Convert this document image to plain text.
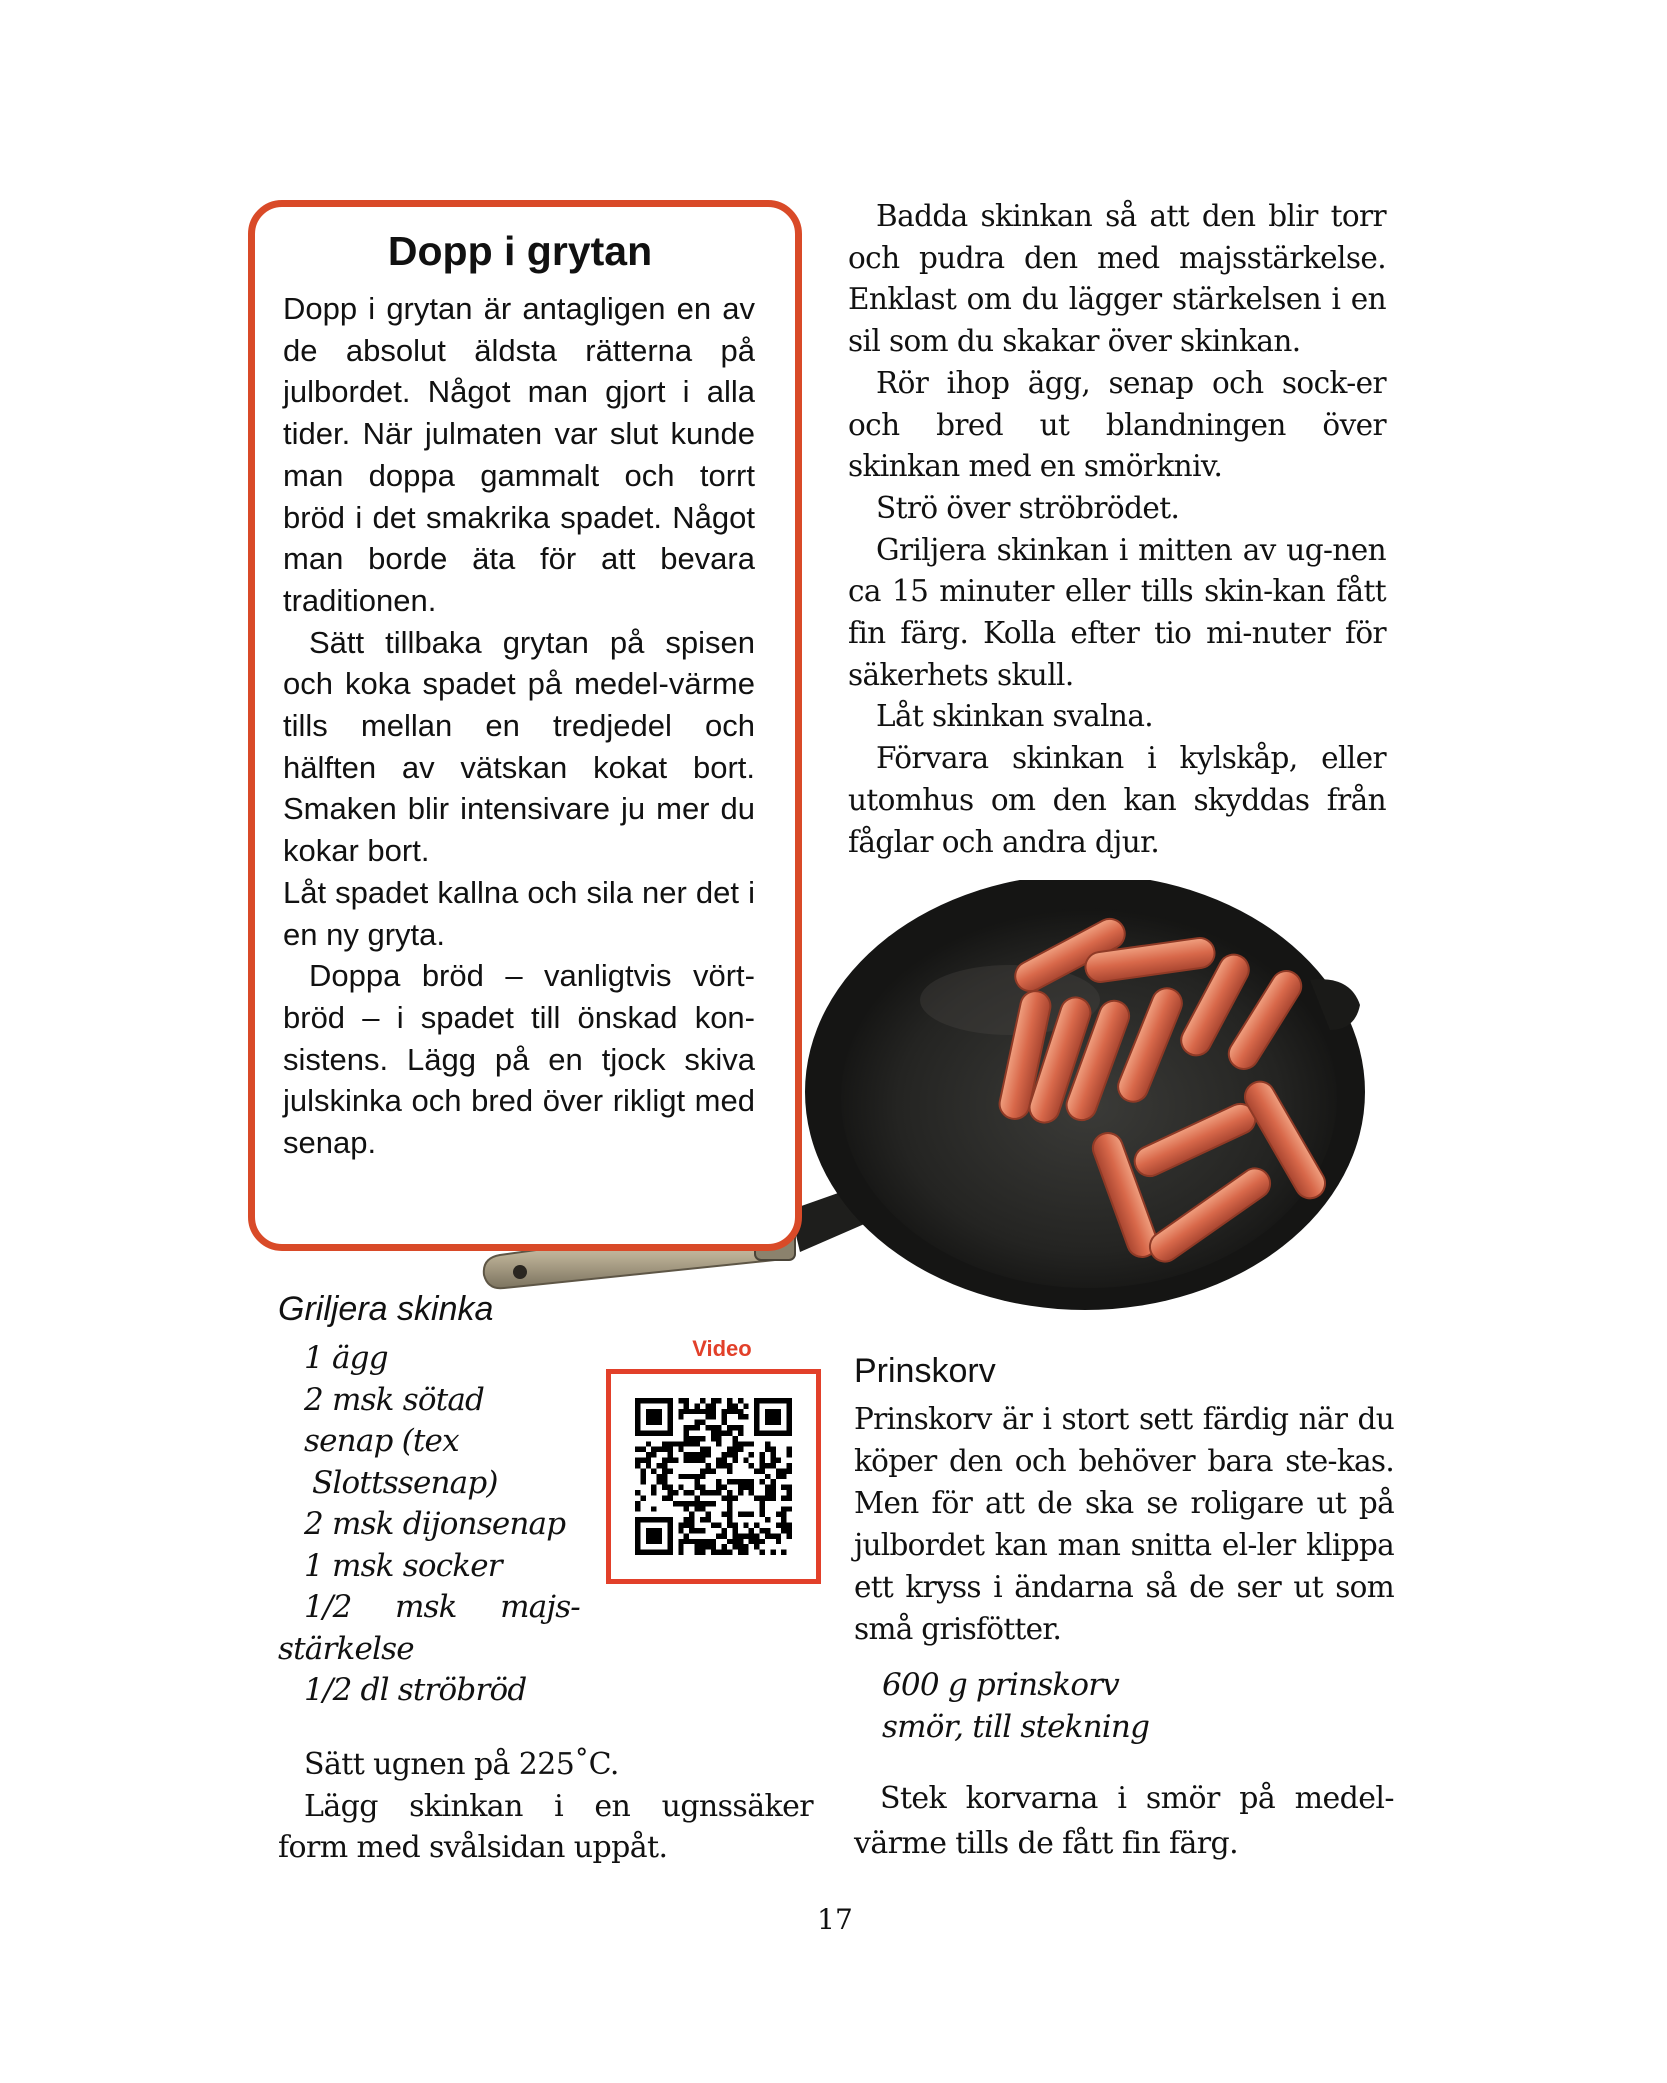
Dopp i grytan

Dopp i grytan är antagligen en av de absolut äldsta rätterna på julbordet. Något man gjort i alla tider. När julmaten var slut kunde man doppa gammalt och torrt bröd i det smakrika spadet. Något man borde äta för att bevara traditionen.

Sätt tillbaka grytan på spisen och koka spadet på medel-värme tills mellan en tredjedel och hälften av vätskan kokat bort. Smaken blir intensivare ju mer du kokar bort.

Låt spadet kallna och sila ner det i en ny gryta.

Doppa bröd – vanligtvis vört-bröd – i spadet till önskad kon-sistens. Lägg på en tjock skiva julskinka och bred över rikligt med senap.

Badda skinkan så att den blir torr och pudra den med majsstärkelse. Enklast om du lägger stärkelsen i en sil som du skakar över skinkan.

Rör ihop ägg, senap och sock-er och bred ut blandningen över skinkan med en smörkniv.

Strö över ströbrödet.

Griljera skinkan i mitten av ug-nen ca 15 minuter eller tills skin-kan fått fin färg. Kolla efter tio mi-nuter för säkerhets skull.

Låt skinkan svalna.

Förvara skinkan i kylskåp, eller utomhus om den kan skyddas från fåglar och andra djur.

Griljera skinka
1 ägg
2 msk sötad
senap (tex
Slottssenap)
2 msk dijonsenap
1 msk socker
1/2 msk majs-
stärkelse
1/2 dl ströbröd

Sätt ugnen på 225˚C.

Lägg skinkan i en ugnssäker

form med svålsidan uppåt.

Video
Prinskorv

Prinskorv är i stort sett färdig när du köper den och behöver bara ste-kas. Men för att de ska se roligare ut på julbordet kan man snitta el-ler klippa ett kryss i ändarna så de ser ut som små grisfötter.

600 g prinskorv
smör, till stekning
Stek korvarna i smör på medel-

värme tills de fått fin färg.

17
